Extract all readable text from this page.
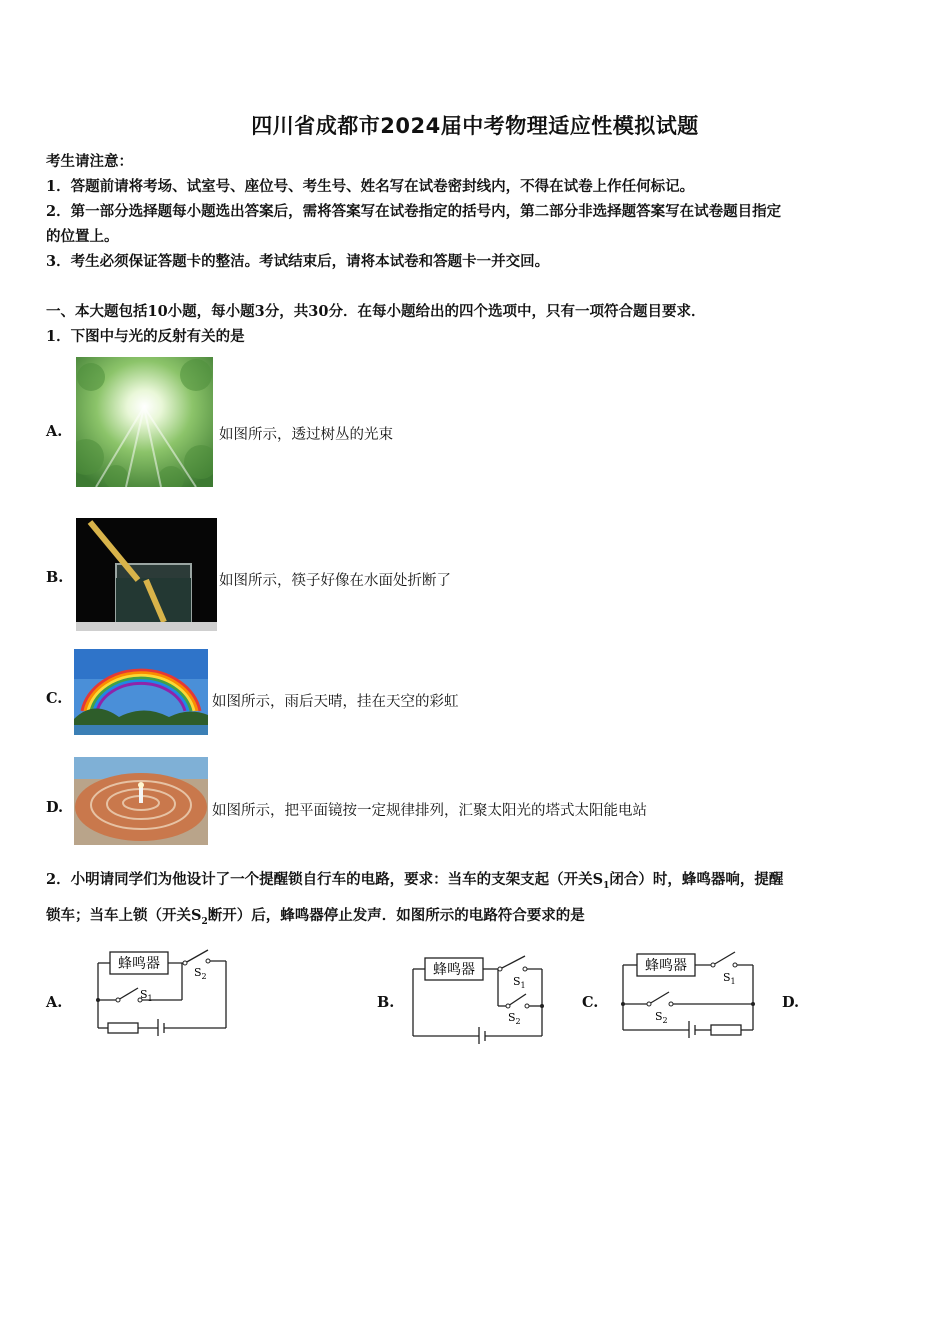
四川省成都市2024届中考物理适应性模拟试题
考生请注意：
1．答题前请将考场、试室号、座位号、考生号、姓名写在试卷密封线内，不得在试卷上作任何标记。
2．第一部分选择题每小题选出答案后，需将答案写在试卷指定的括号内，第二部分非选择题答案写在试卷题目指定
的位置上。
3．考生必须保证答题卡的整洁。考试结束后，请将本试卷和答题卡一并交回。
一、本大题包括10小题，每小题3分，共30分．在每小题给出的四个选项中，只有一项符合题目要求．
1．下图中与光的反射有关的是
A.	如图所示，透过树丛的光束
B.	如图所示，筷子好像在水面处折断了
C.	如图所示，雨后天晴，挂在天空的彩虹
D.	如图所示，把平面镜按一定规律排列，汇聚太阳光的塔式太阳能电站
2．小明请同学们为他设计了一个提醒锁自行车的电路，要求：当车的支架支起（开关$S_1$闭合）时，蜂鸣器响，提醒
锁车；当车上锁（开关$S_2$断开）后，蜂鸣器停止发声．如图所示的电路符合要求的是
A.	B.	C.	D.
蜂鸣器
$S_2$
$S_1$
蜂鸣器
$S_1$
$S_2$
蜂鸣器
$S_1$
$S_2$
